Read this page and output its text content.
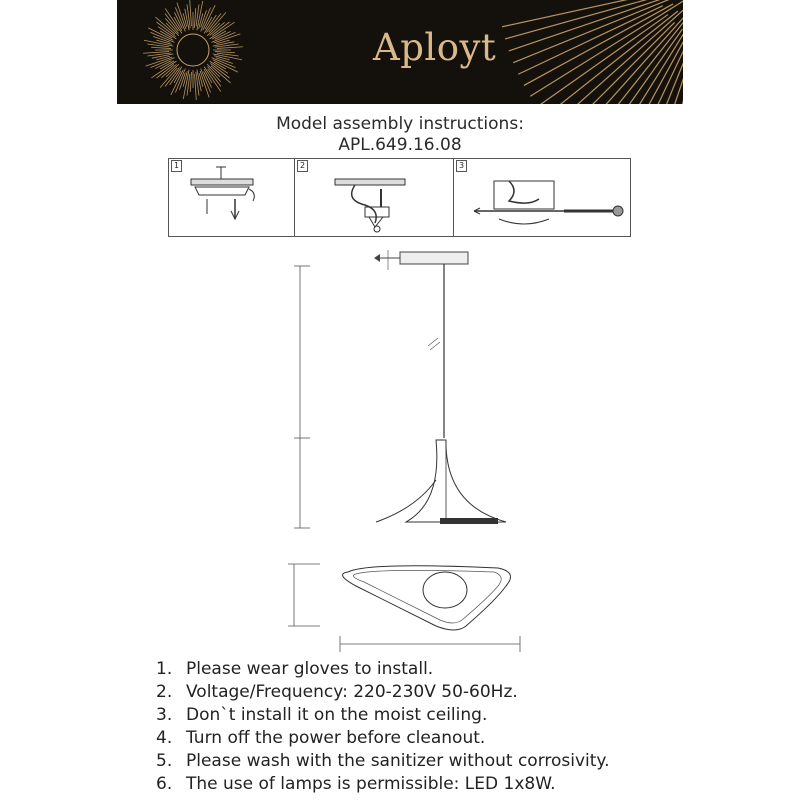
Aployt
Model assembly instructions:
APL.649.16.08
1	2	3
1. Please wear gloves to install.
2. Voltage/Frequency: 220-230V 50-60Hz.
3. Don`t install it on the moist ceiling.
4. Turn off the power before cleanout.
5. Please wash with the sanitizer without corrosivity.
6. The use of lamps is permissible: LED 1x8W.
